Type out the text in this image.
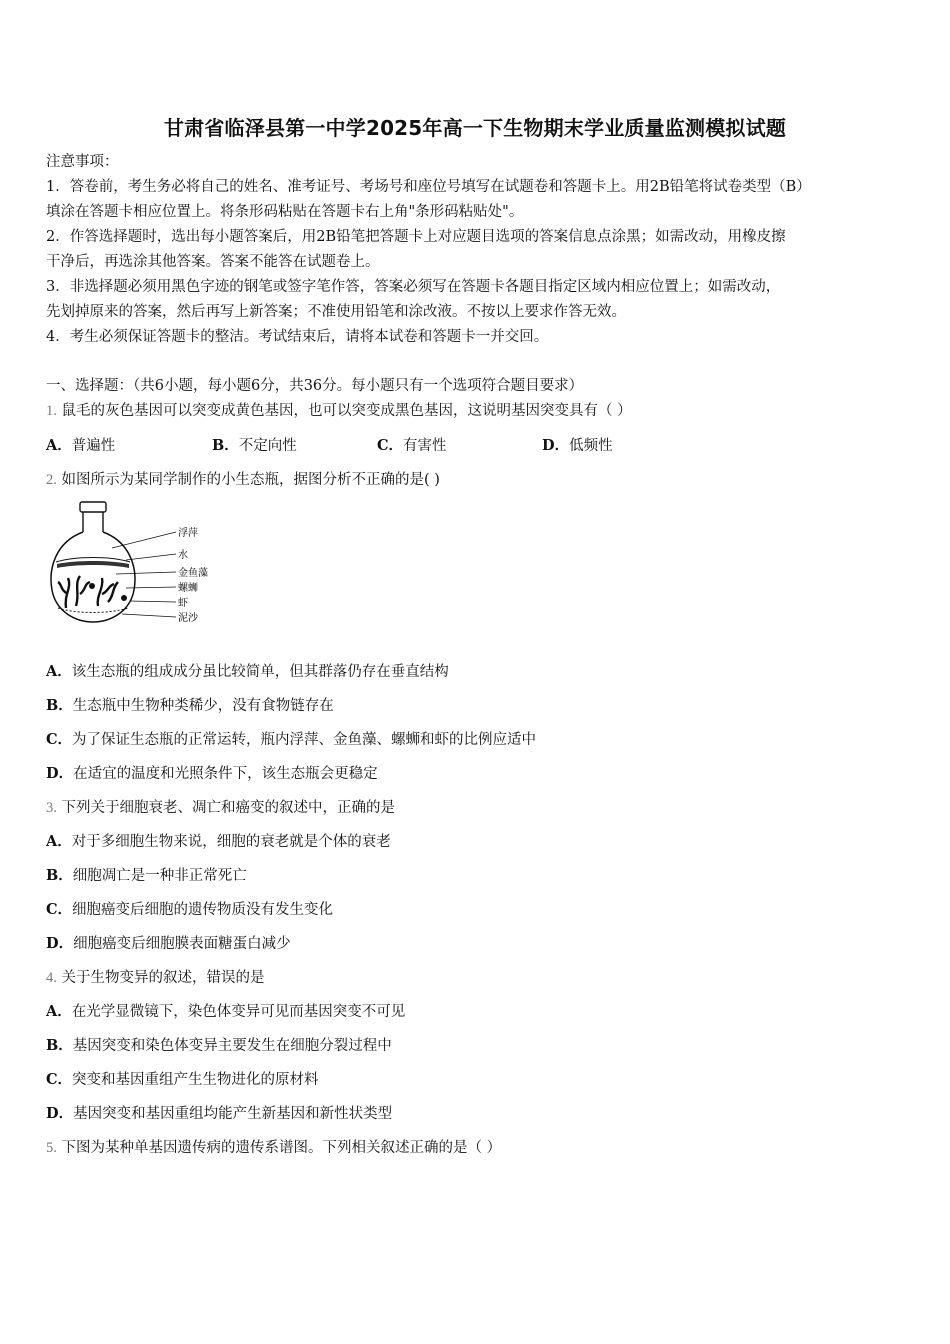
甘肃省临泽县第一中学2025年高一下生物期末学业质量监测模拟试题
注意事项：
1．答卷前，考生务必将自己的姓名、准考证号、考场号和座位号填写在试题卷和答题卡上。用2B铅笔将试卷类型（B）
填涂在答题卡相应位置上。将条形码粘贴在答题卡右上角"条形码粘贴处"。
2．作答选择题时，选出每小题答案后，用2B铅笔把答题卡上对应题目选项的答案信息点涂黑；如需改动，用橡皮擦
干净后，再选涂其他答案。答案不能答在试题卷上。
3．非选择题必须用黑色字迹的钢笔或签字笔作答，答案必须写在答题卡各题目指定区域内相应位置上；如需改动，
先划掉原来的答案，然后再写上新答案；不准使用铅笔和涂改液。不按以上要求作答无效。
4．考生必须保证答题卡的整洁。考试结束后，请将本试卷和答题卡一并交回。
一、选择题：（共6小题，每小题6分，共36分。每小题只有一个选项符合题目要求）
1. 鼠毛的灰色基因可以突变成黄色基因，也可以突变成黑色基因，这说明基因突变具有（ ）
A．普遍性	B．不定向性	C．有害性	D．低频性
2. 如图所示为某同学制作的小生态瓶，据图分析不正确的是( )
浮萍
水
金鱼藻
螺蛳
虾
泥沙
A．该生态瓶的组成成分虽比较简单，但其群落仍存在垂直结构
B．生态瓶中生物种类稀少，没有食物链存在
C．为了保证生态瓶的正常运转，瓶内浮萍、金鱼藻、螺蛳和虾的比例应适中
D．在适宜的温度和光照条件下，该生态瓶会更稳定
3. 下列关于细胞衰老、凋亡和癌变的叙述中，正确的是
A．对于多细胞生物来说，细胞的衰老就是个体的衰老
B．细胞凋亡是一种非正常死亡
C．细胞癌变后细胞的遗传物质没有发生变化
D．细胞癌变后细胞膜表面糖蛋白减少
4. 关于生物变异的叙述，错误的是
A．在光学显微镜下，染色体变异可见而基因突变不可见
B．基因突变和染色体变异主要发生在细胞分裂过程中
C．突变和基因重组产生生物进化的原材料
D．基因突变和基因重组均能产生新基因和新性状类型
5. 下图为某种单基因遗传病的遗传系谱图。下列相关叙述正确的是（ ）
